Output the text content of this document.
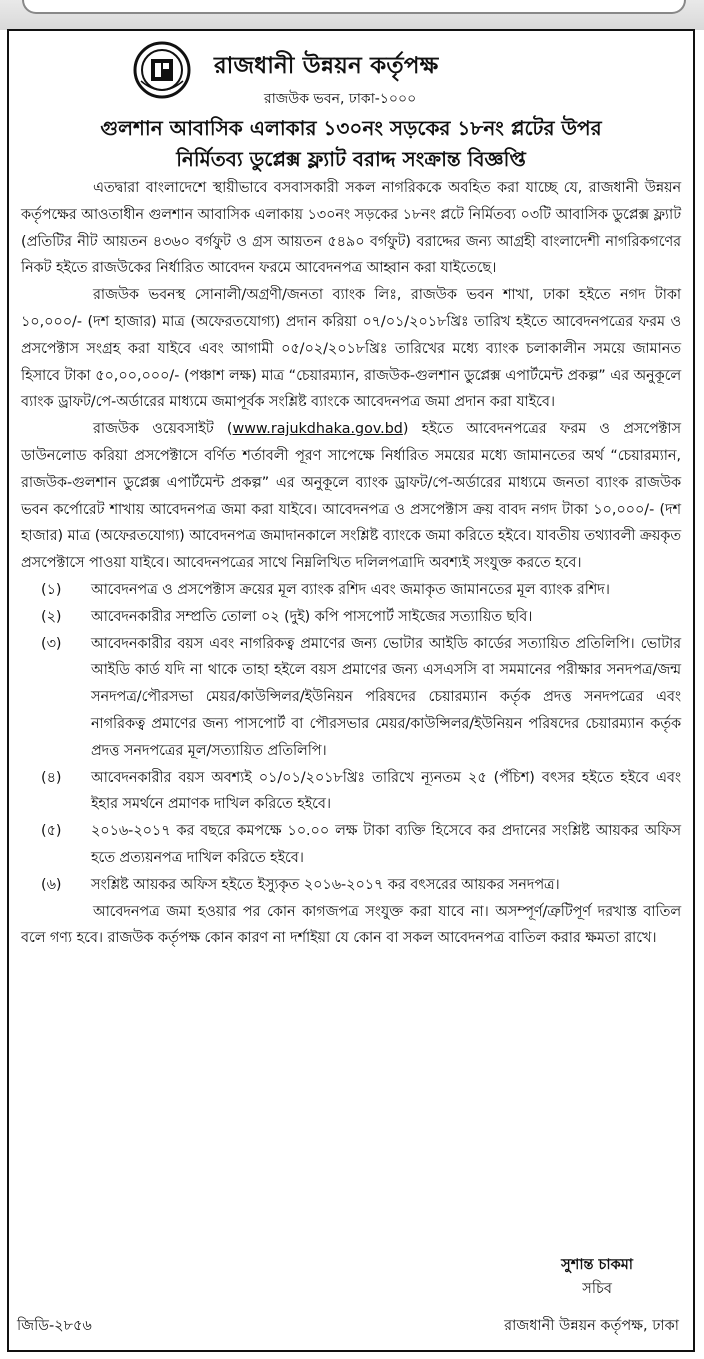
রাজধানী উন্নয়ন কর্তৃপক্ষ
রাজউক ভবন, ঢাকা-১০০০
গুলশান আবাসিক এলাকার ১৩০নং সড়কের ১৮নং প্লটের উপর
নির্মিতব্য ডুপ্লেক্স ফ্ল্যাট বরাদ্দ সংক্রান্ত বিজ্ঞপ্তি

এতদ্বারা বাংলাদেশে স্থায়ীভাবে বসবাসকারী সকল নাগরিককে অবহিত করা যাচ্ছে যে, রাজধানী উন্নয়ন কর্তৃপক্ষের আওতাধীন গুলশান আবাসিক এলাকায় ১৩০নং সড়কের ১৮নং প্লটে নির্মিতব্য ০৩টি আবাসিক ডুপ্লেক্স ফ্ল্যাট (প্রতিটির নীট আয়তন ৪৩৬০ বর্গফুট ও গ্রস আয়তন ৫৪৯০ বর্গফুট) বরাদ্দের জন্য আগ্রহী বাংলাদেশী নাগরিকগণের নিকট হইতে রাজউকের নির্ধারিত আবেদন ফরমে আবেদনপত্র আহ্বান করা যাইতেছে।

রাজউক ভবনস্থ সোনালী/অগ্রণী/জনতা ব্যাংক লিঃ, রাজউক ভবন শাখা, ঢাকা হইতে নগদ টাকা ১০,০০০/- (দশ হাজার) মাত্র (অফেরতযোগ্য) প্রদান করিয়া ০৭/০১/২০১৮খ্রিঃ তারিখ হইতে আবেদনপত্রের ফরম ও প্রসপেক্টাস সংগ্রহ করা যাইবে এবং আগামী ০৫/০২/২০১৮খ্রিঃ তারিখের মধ্যে ব্যাংক চলাকালীন সময়ে জামানত হিসাবে টাকা ৫০,০০,০০০/- (পঞ্চাশ লক্ষ) মাত্র “চেয়ারম্যান, রাজউক-গুলশান ডুপ্লেক্স এপার্টমেন্ট প্রকল্প” এর অনুকূলে ব্যাংক ড্রাফট/পে-অর্ডারের মাধ্যমে জমাপূর্বক সংশ্লিষ্ট ব্যাংকে আবেদনপত্র জমা প্রদান করা যাইবে।

রাজউক ওয়েবসাইট (www.rajukdhaka.gov.bd) হইতে আবেদনপত্রের ফরম ও প্রসপেক্টাস ডাউনলোড করিয়া প্রসপেক্টাসে বর্ণিত শর্তাবলী পূরণ সাপেক্ষে নির্ধারিত সময়ের মধ্যে জামানতের অর্থ “চেয়ারম্যান, রাজউক-গুলশান ডুপ্লেক্স এপার্টমেন্ট প্রকল্প” এর অনুকূলে ব্যাংক ড্রাফট/পে-অর্ডারের মাধ্যমে জনতা ব্যাংক রাজউক ভবন কর্পোরেট শাখায় আবেদনপত্র জমা করা যাইবে। আবেদনপত্র ও প্রসপেক্টাস ক্রয় বাবদ নগদ টাকা ১০,০০০/- (দশ হাজার) মাত্র (অফেরতযোগ্য) আবেদনপত্র জমাদানকালে সংশ্লিষ্ট ব্যাংকে জমা করিতে হইবে। যাবতীয় তথ্যাবলী ক্রয়কৃত প্রসপেক্টাসে পাওয়া যাইবে। আবেদনপত্রের সাথে নিম্নলিখিত দলিলপত্রাদি অবশ্যই সংযুক্ত করতে হবে।

(১)	আবেদনপত্র ও প্রসপেক্টাস ক্রয়ের মূল ব্যাংক রশিদ এবং জমাকৃত জামানতের মূল ব্যাংক রশিদ।
(২)	আবেদনকারীর সম্প্রতি তোলা ০২ (দুই) কপি পাসপোর্ট সাইজের সত্যায়িত ছবি।
(৩)	আবেদনকারীর বয়স এবং নাগরিকত্ব প্রমাণের জন্য ভোটার আইডি কার্ডের সত্যায়িত প্রতিলিপি। ভোটার আইডি কার্ড যদি না থাকে তাহা হইলে বয়স প্রমাণের জন্য এসএসসি বা সমমানের পরীক্ষার সনদপত্র/জন্ম সনদপত্র/পৌরসভা মেয়র/কাউন্সিলর/ইউনিয়ন পরিষদের চেয়ারম্যান কর্তৃক প্রদত্ত সনদপত্রের এবং নাগরিকত্ব প্রমাণের জন্য পাসপোর্ট বা পৌরসভার মেয়র/কাউন্সিলর/ইউনিয়ন পরিষদের চেয়ারম্যান কর্তৃক প্রদত্ত সনদপত্রের মূল/সত্যায়িত প্রতিলিপি।
(৪)	আবেদনকারীর বয়স অবশ্যই ০১/০১/২০১৮খ্রিঃ তারিখে ন্যূনতম ২৫ (পঁচিশ) বৎসর হইতে হইবে এবং ইহার সমর্থনে প্রমাণক দাখিল করিতে হইবে।
(৫)	২০১৬-২০১৭ কর বছরে কমপক্ষে ১০.০০ লক্ষ টাকা ব্যক্তি হিসেবে কর প্রদানের সংশ্লিষ্ট আয়কর অফিস হতে প্রত্যয়নপত্র দাখিল করিতে হইবে।
(৬)	সংশ্লিষ্ট আয়কর অফিস হইতে ইস্যুকৃত ২০১৬-২০১৭ কর বৎসরের আয়কর সনদপত্র।

আবেদনপত্র জমা হওয়ার পর কোন কাগজপত্র সংযুক্ত করা যাবে না। অসম্পূর্ণ/ত্রুটিপূর্ণ দরখাস্ত বাতিল বলে গণ্য হবে। রাজউক কর্তৃপক্ষ কোন কারণ না দর্শাইয়া যে কোন বা সকল আবেদনপত্র বাতিল করার ক্ষমতা রাখে।

সুশান্ত চাকমা
সচিব
জিডি-২৮৫৬	রাজধানী উন্নয়ন কর্তৃপক্ষ, ঢাকা
